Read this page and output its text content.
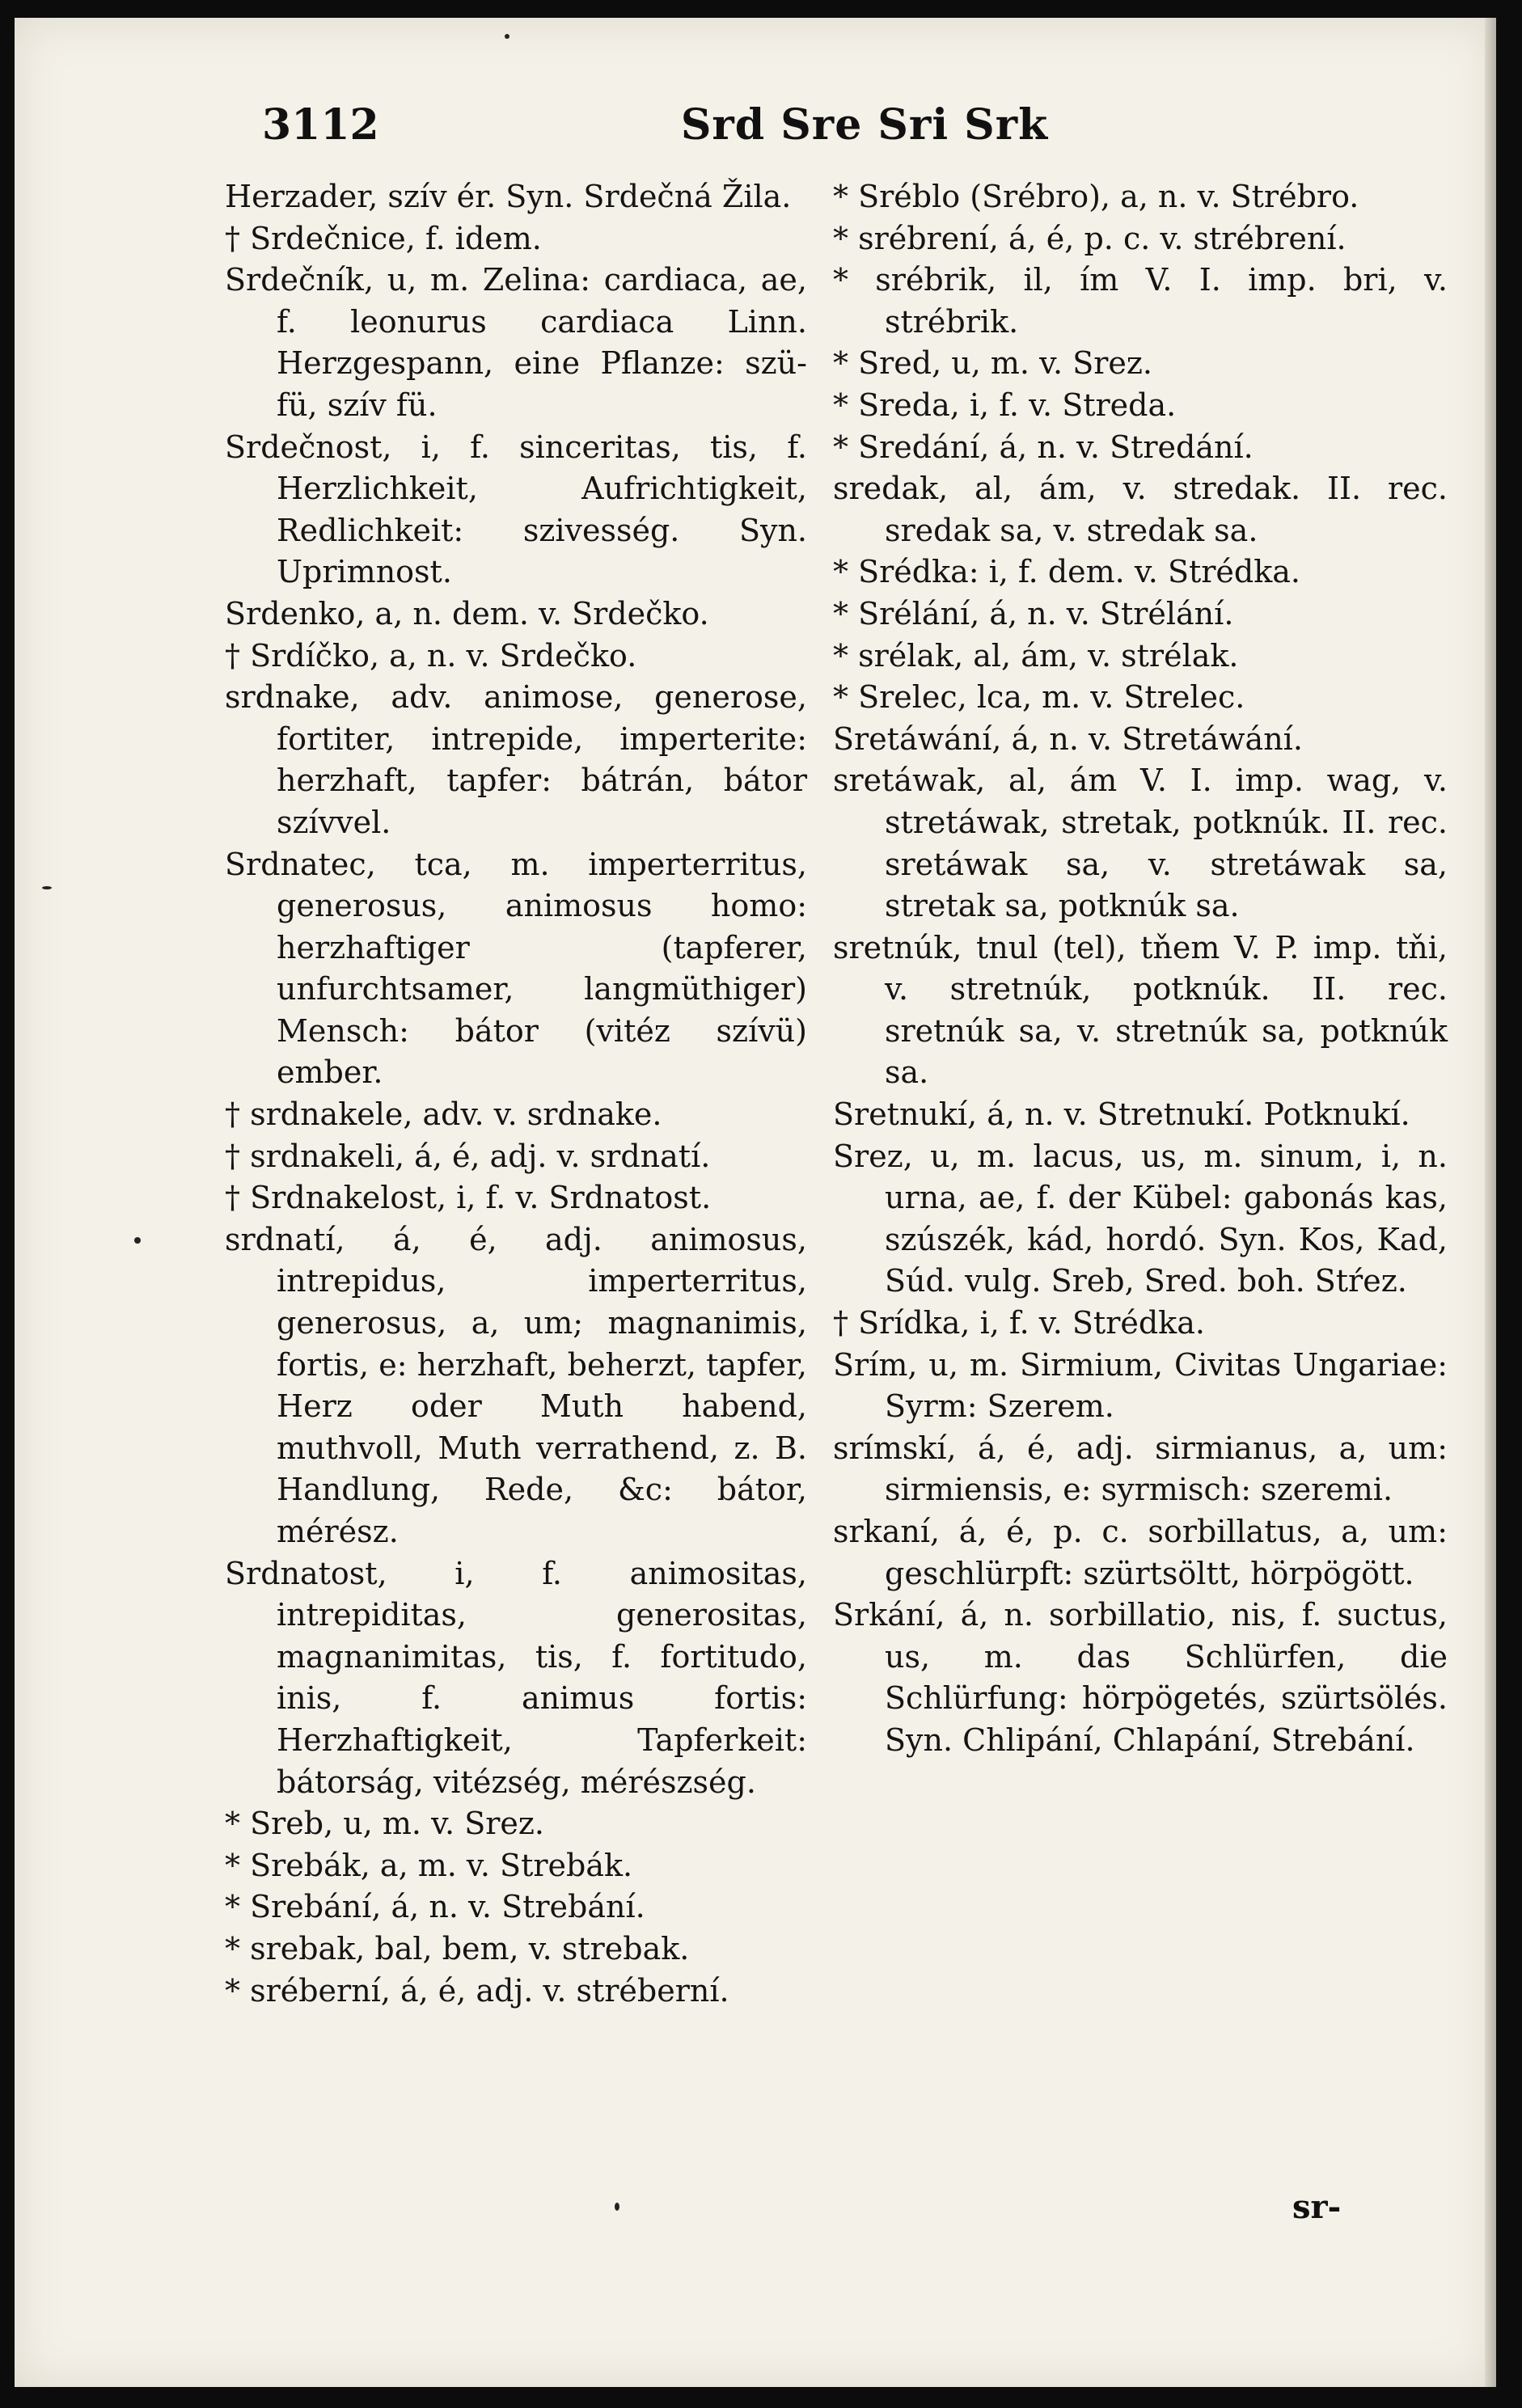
3112	Srd Sre Sri Srk

Herzader, szív ér. Syn. Srdečná Žila.

† Srdečnice, f. idem.

Srdečník, u, m. Zelina: cardiaca, ae, f. leonurus cardiaca Linn. Herzgespann, eine Pflanze: szü-fü, szív fü.

Srdečnost, i, f. sinceritas, tis, f. Herzlichkeit, Aufrichtigkeit, Redlichkeit: szivesség. Syn. Uprimnost.

Srdenko, a, n. dem. v. Srdečko.

† Srdíčko, a, n. v. Srdečko.

srdnake, adv. animose, generose, fortiter, intrepide, imperterite: herzhaft, tapfer: bátrán, bátor szívvel.

Srdnatec, tca, m. imperterritus, generosus, animosus homo: herzhaftiger (tapferer, unfurchtsamer, langmüthiger) Mensch: bátor (vitéz szívü) ember.

† srdnakele, adv. v. srdnake.

† srdnakeli, á, é, adj. v. srdnatí.

† Srdnakelost, i, f. v. Srdnatost.

srdnatí, á, é, adj. animosus, intrepidus, imperterritus, generosus, a, um; magnanimis, fortis, e: herzhaft, beherzt, tapfer, Herz oder Muth habend, muthvoll, Muth verrathend, z. B. Handlung, Rede, &c: bátor, mérész.

Srdnatost, i, f. animositas, intrepiditas, generositas, magnanimitas, tis, f. fortitudo, inis, f. animus fortis: Herzhaftigkeit, Tapferkeit: bátorság, vitézség, mérészség.

* Sreb, u, m. v. Srez.

* Srebák, a, m. v. Strebák.

* Srebání, á, n. v. Strebání.

* srebak, bal, bem, v. strebak.

* sréberní, á, é, adj. v. stréberní.

* Sréblo (Srébro), a, n. v. Strébro.

* srébrení, á, é, p. c. v. strébrení.

* srébrik, il, ím V. I. imp. bri, v. strébrik.

* Sred, u, m. v. Srez.

* Sreda, i, f. v. Streda.

* Sredání, á, n. v. Stredání.

sredak, al, ám, v. stredak. II. rec. sredak sa, v. stredak sa.

* Srédka: i, f. dem. v. Strédka.

* Srélání, á, n. v. Strélání.

* srélak, al, ám, v. strélak.

* Srelec, lca, m. v. Strelec.

Sretáwání, á, n. v. Stretáwání.

sretáwak, al, ám V. I. imp. wag, v. stretáwak, stretak, potknúk. II. rec. sretáwak sa, v. stretáwak sa, stretak sa, potknúk sa.

sretnúk, tnul (tel), tňem V. P. imp. tňi, v. stretnúk, potknúk. II. rec. sretnúk sa, v. stretnúk sa, potknúk sa.

Sretnukí, á, n. v. Stretnukí. Potknukí.

Srez, u, m. lacus, us, m. sinum, i, n. urna, ae, f. der Kübel: gabonás kas, szúszék, kád, hordó. Syn. Kos, Kad, Súd. vulg. Sreb, Sred. boh. Stŕez.

† Srídka, i, f. v. Strédka.

Srím, u, m. Sirmium, Civitas Ungariae: Syrm: Szerem.

srímskí, á, é, adj. sirmianus, a, um: sirmiensis, e: syrmisch: szeremi.

srkaní, á, é, p. c. sorbillatus, a, um: geschlürpft: szürtsöltt, hörpögött.

Srkání, á, n. sorbillatio, nis, f. suctus, us, m. das Schlürfen, die Schlürfung: hörpögetés, szürtsölés. Syn. Chlipání, Chlapání, Strebání.

sr-
